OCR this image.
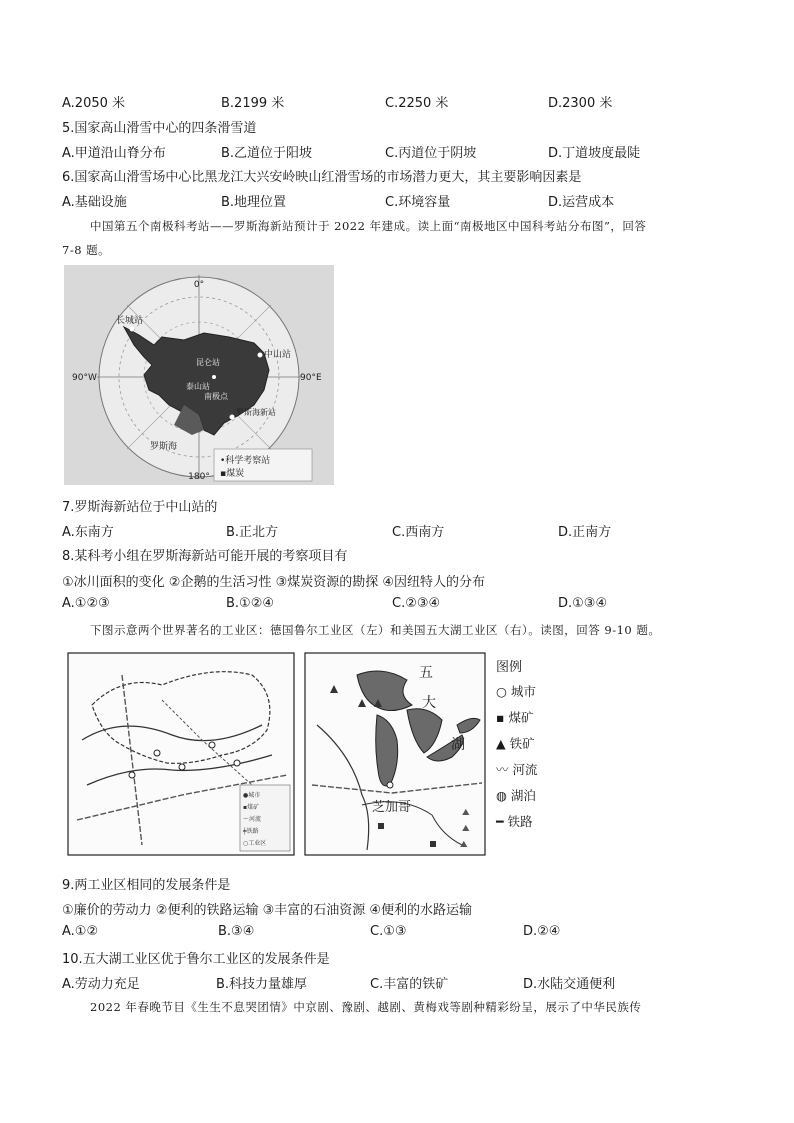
A.2050 米	B.2199 米	C.2250 米	D.2300 米
5.国家高山滑雪中心的四条滑雪道
A.甲道沿山脊分布	B.乙道位于阳坡	C.丙道位于阴坡	D.丁道坡度最陡
6.国家高山滑雪场中心比黑龙江大兴安岭映山红滑雪场的市场潜力更大，其主要影响因素是
A.基础设施	B.地理位置	C.环境容量	D.运营成本
中国第五个南极科考站——罗斯海新站预计于 2022 年建成。读上面“南极地区中国科考站分布图”，回答
7-8 题。
0°
90°W	90°E
180°
长城站
中山站
昆仑站
泰山站
南极点
罗斯海新站
罗斯海
•科学考察站
▪煤炭
7.罗斯海新站位于中山站的
A.东南方	B.正北方	C.西南方	D.正南方
8.某科考小组在罗斯海新站可能开展的考察项目有
①冰川面积的变化 ②企鹅的生活习性 ③煤炭资源的勘探 ④因纽特人的分布
A.①②③	B.①②④	C.②③④	D.①③④
下图示意两个世界著名的工业区：德国鲁尔工业区（左）和美国五大湖工业区（右）。读图，回答 9-10 题。
●城市
▪煤矿
〜河流
╪铁路
○工业区
⛰
⛰
⛰
五
大
湖
芝加哥
图例
○ 城市
▪ 煤矿
▲ 铁矿
〰 河流
◍ 湖泊
━ 铁路
9.两工业区相同的发展条件是
①廉价的劳动力 ②便利的铁路运输 ③丰富的石油资源 ④便利的水路运输
A.①②	B.③④	C.①③	D.②④
10.五大湖工业区优于鲁尔工业区的发展条件是
A.劳动力充足	B.科技力量雄厚	C.丰富的铁矿	D.水陆交通便利
2022 年春晚节目《生生不息哭团情》中京剧、豫剧、越剧、黄梅戏等剧种精彩纷呈，展示了中华民族传
